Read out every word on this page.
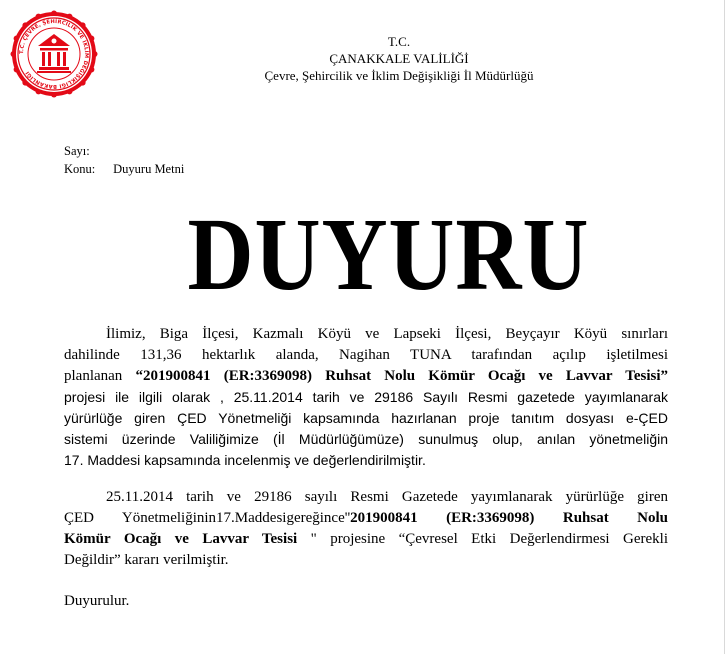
T.C. ÇEVRE, ŞEHİRCİLİK VE İKLİM DEĞİŞİKLİĞİ BAKANLIĞI
T.C.
ÇANAKKALE VALİLİĞİ
Çevre, Şehircilik ve İklim Değişikliği İl Müdürlüğü
Sayı:
Konu: Duyuru Metni
DUYURU
İlimiz, Biga İlçesi, Kazmalı Köyü ve Lapseki İlçesi, Beyçayır Köyü sınırları
dahilinde 131,36 hektarlık alanda, Nagihan TUNA tarafından açılıp işletilmesi
planlanan “201900841 (ER:3369098) Ruhsat Nolu Kömür Ocağı ve Lavvar Tesisi”
projesi ile ilgili olarak , 25.11.2014 tarih ve 29186 Sayılı Resmi gazetede yayımlanarak
yürürlüğe giren ÇED Yönetmeliği kapsamında hazırlanan proje tanıtım dosyası e-ÇED
sistemi üzerinde Valiliğimize (İl Müdürlüğümüze) sunulmuş olup, anılan yönetmeliğin
17. Maddesi kapsamında incelenmiş ve değerlendirilmiştir.
25.11.2014 tarih ve 29186 sayılı Resmi Gazetede yayımlanarak yürürlüğe giren
ÇED Yönetmeliğinin17.Maddesigereğince''201900841 (ER:3369098) Ruhsat Nolu
Kömür Ocağı ve Lavvar Tesisi " projesine “Çevresel Etki Değerlendirmesi Gerekli
Değildir” kararı verilmiştir.
Duyurulur.
